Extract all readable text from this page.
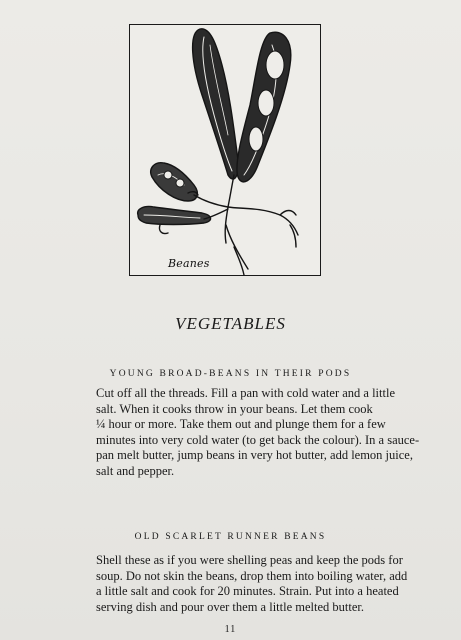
Beanes
VEGETABLES
YOUNG BROAD-BEANS IN THEIR PODS
Cut off all the threads. Fill a pan with cold water and a little
salt. When it cooks throw in your beans. Let them cook
¼ hour or more. Take them out and plunge them for a few
minutes into very cold water (to get back the colour). In a sauce-
pan melt butter, jump beans in very hot butter, add lemon juice,
salt and pepper.
OLD SCARLET RUNNER BEANS
Shell these as if you were shelling peas and keep the pods for
soup. Do not skin the beans, drop them into boiling water, add
a little salt and cook for 20 minutes. Strain. Put into a heated
serving dish and pour over them a little melted butter.
11
